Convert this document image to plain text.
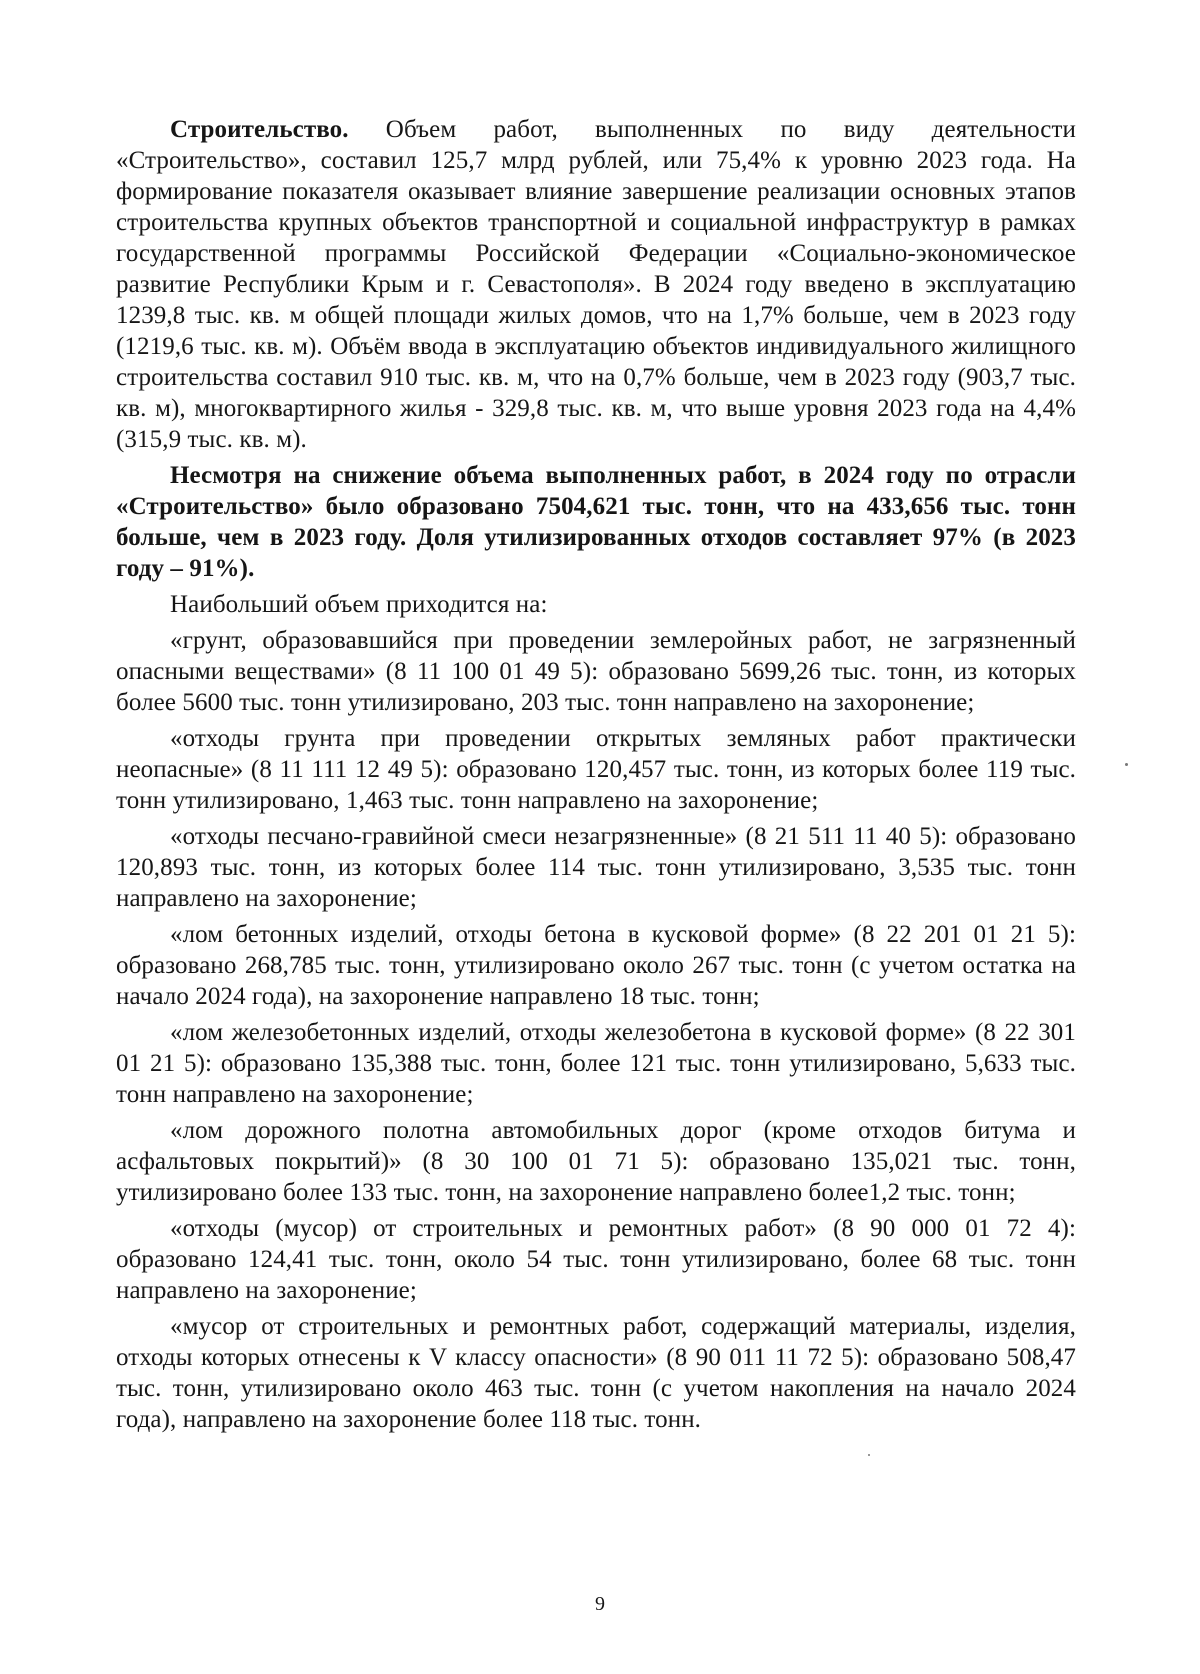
Строительство. Объем работ, выполненных по виду деятельности «Строительство», составил 125,7 млрд рублей, или 75,4% к уровню 2023 года. На формирование показателя оказывает влияние завершение реализации основных этапов строительства крупных объектов транспортной и социальной инфраструктур в рамках государственной программы Российской Федерации «Социально-экономическое развитие Республики Крым и г. Севастополя». В 2024 году введено в эксплуатацию 1239,8 тыс. кв. м общей площади жилых домов, что на 1,7% больше, чем в 2023 году (1219,6 тыс. кв. м). Объём ввода в эксплуатацию объектов индивидуального жилищного строительства составил 910 тыс. кв. м, что на 0,7% больше, чем в 2023 году (903,7 тыс. кв. м), многоквартирного жилья - 329,8 тыс. кв. м, что выше уровня 2023 года на 4,4% (315,9 тыс. кв. м).

Несмотря на снижение объема выполненных работ, в 2024 году по отрасли «Строительство» было образовано 7504,621 тыс. тонн, что на 433,656 тыс. тонн больше, чем в 2023 году. Доля утилизированных отходов составляет 97% (в 2023 году – 91%).

Наибольший объем приходится на:

«грунт, образовавшийся при проведении землеройных работ, не загрязненный опасными веществами» (8 11 100 01 49 5): образовано 5699,26 тыс. тонн, из которых более 5600 тыс. тонн утилизировано, 203 тыс. тонн направлено на захоронение;

«отходы грунта при проведении открытых земляных работ практически неопасные» (8 11 111 12 49 5): образовано 120,457 тыс. тонн, из которых более 119 тыс. тонн утилизировано, 1,463 тыс. тонн направлено на захоронение;

«отходы песчано-гравийной смеси незагрязненные» (8 21 511 11 40 5): образовано 120,893 тыс. тонн, из которых более 114 тыс. тонн утилизировано, 3,535 тыс. тонн направлено на захоронение;

«лом бетонных изделий, отходы бетона в кусковой форме» (8 22 201 01 21 5): образовано 268,785 тыс. тонн, утилизировано около 267 тыс. тонн (с учетом остатка на начало 2024 года), на захоронение направлено 18 тыс. тонн;

«лом железобетонных изделий, отходы железобетона в кусковой форме» (8 22 301 01 21 5): образовано 135,388 тыс. тонн, более 121 тыс. тонн утилизировано, 5,633 тыс. тонн направлено на захоронение;

«лом дорожного полотна автомобильных дорог (кроме отходов битума и асфальтовых покрытий)» (8 30 100 01 71 5): образовано 135,021 тыс. тонн, утилизировано более 133 тыс. тонн, на захоронение направлено более1,2 тыс. тонн;

«отходы (мусор) от строительных и ремонтных работ» (8 90 000 01 72 4): образовано 124,41 тыс. тонн, около 54 тыс. тонн утилизировано, более 68 тыс. тонн направлено на захоронение;

«мусор от строительных и ремонтных работ, содержащий материалы, изделия, отходы которых отнесены к V классу опасности» (8 90 011 11 72 5): образовано 508,47 тыс. тонн, утилизировано около 463 тыс. тонн (с учетом накопления на начало 2024 года), направлено на захоронение более 118 тыс. тонн.

9
